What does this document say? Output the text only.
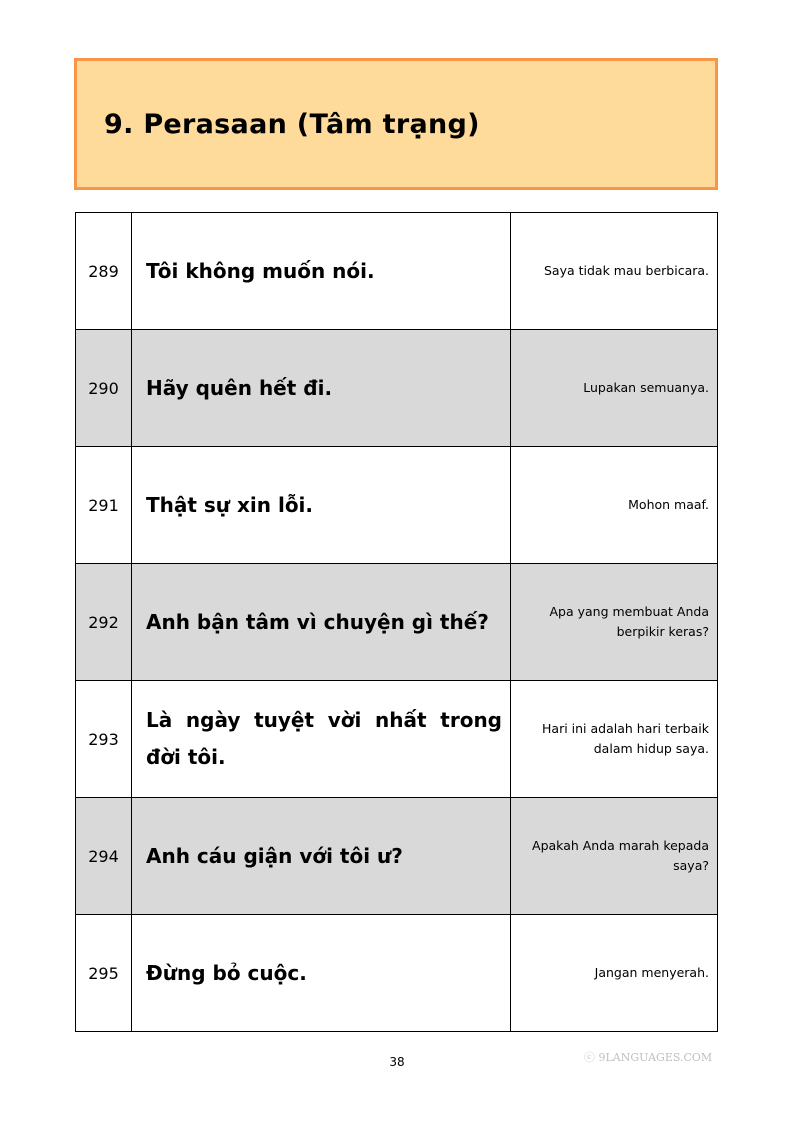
9. Perasaan (Tâm trạng)
289	Tôi không muốn nói.	Saya tidak mau berbicara.
290	Hãy quên hết đi.	Lupakan semuanya.
291	Thật sự xin lỗi.	Mohon maaf.
292	Anh bận tâm vì chuyện gì thế?	Apa yang membuat Anda berpikir keras?
293	Là ngày tuyệt vời nhất trong đời tôi.	Hari ini adalah hari terbaik dalam hidup saya.
294	Anh cáu giận với tôi ư?	Apakah Anda marah kepada saya?
295	Đừng bỏ cuộc.	Jangan menyerah.
38	ⓒ 9LANGUAGES.COM
